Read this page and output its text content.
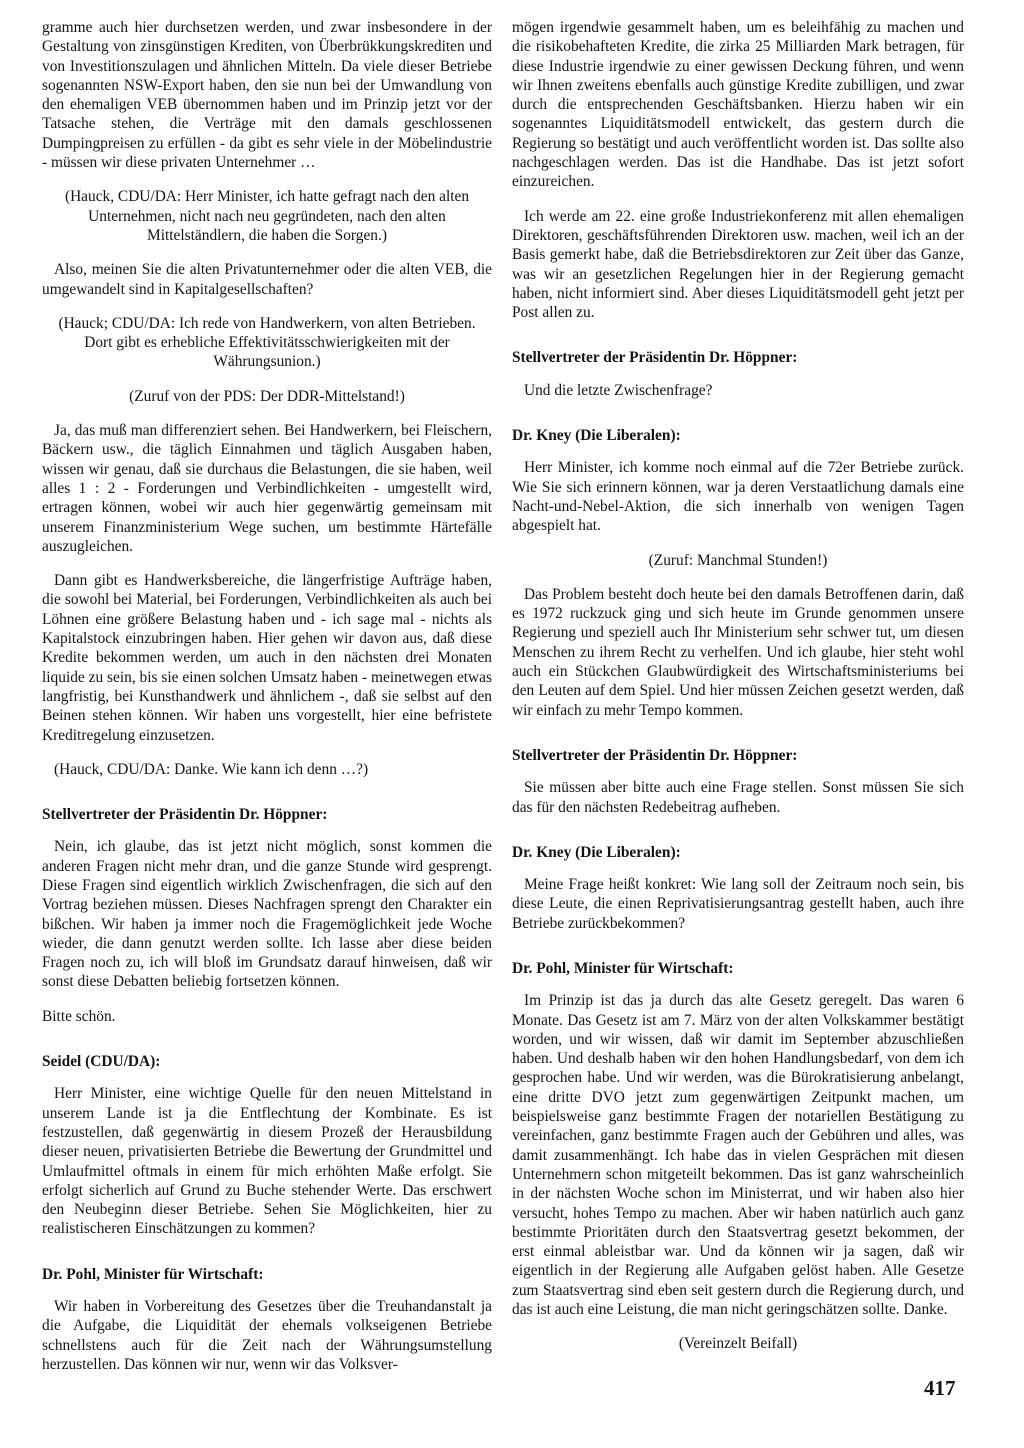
gramme auch hier durchsetzen werden, und zwar insbesondere in der Gestaltung von zinsgünstigen Krediten, von Überbrükkungskrediten und von Investitionszulagen und ähnlichen Mitteln. Da viele dieser Betriebe sogenannten NSW-Export haben, den sie nun bei der Umwandlung von den ehemaligen VEB übernommen haben und im Prinzip jetzt vor der Tatsache stehen, die Verträge mit den damals geschlossenen Dumpingpreisen zu erfüllen - da gibt es sehr viele in der Möbelindustrie - müssen wir diese privaten Unternehmer …
(Hauck, CDU/DA: Herr Minister, ich hatte gefragt nach den alten Unternehmen, nicht nach neu gegründeten, nach den alten Mittelständlern, die haben die Sorgen.)
Also, meinen Sie die alten Privatunternehmer oder die alten VEB, die umgewandelt sind in Kapitalgesellschaften?
(Hauck; CDU/DA: Ich rede von Handwerkern, von alten Betrieben. Dort gibt es erhebliche Effektivitätsschwierigkeiten mit der Währungsunion.)
(Zuruf von der PDS: Der DDR-Mittelstand!)
Ja, das muß man differenziert sehen. Bei Handwerkern, bei Fleischern, Bäckern usw., die täglich Einnahmen und täglich Ausgaben haben, wissen wir genau, daß sie durchaus die Belastungen, die sie haben, weil alles 1 : 2 - Forderungen und Verbindlichkeiten - umgestellt wird, ertragen können, wobei wir auch hier gegenwärtig gemeinsam mit unserem Finanzministerium Wege suchen, um bestimmte Härtefälle auszugleichen.
Dann gibt es Handwerksbereiche, die längerfristige Aufträge haben, die sowohl bei Material, bei Forderungen, Verbindlichkeiten als auch bei Löhnen eine größere Belastung haben und - ich sage mal - nichts als Kapitalstock einzubringen haben. Hier gehen wir davon aus, daß diese Kredite bekommen werden, um auch in den nächsten drei Monaten liquide zu sein, bis sie einen solchen Umsatz haben - meinetwegen etwas langfristig, bei Kunsthandwerk und ähnlichem -, daß sie selbst auf den Beinen stehen können. Wir haben uns vorgestellt, hier eine befristete Kreditregelung einzusetzen.
(Hauck, CDU/DA: Danke. Wie kann ich denn …?)
Stellvertreter der Präsidentin Dr. Höppner:
Nein, ich glaube, das ist jetzt nicht möglich, sonst kommen die anderen Fragen nicht mehr dran, und die ganze Stunde wird gesprengt. Diese Fragen sind eigentlich wirklich Zwischenfragen, die sich auf den Vortrag beziehen müssen. Dieses Nachfragen sprengt den Charakter ein bißchen. Wir haben ja immer noch die Fragemöglichkeit jede Woche wieder, die dann genutzt werden sollte. Ich lasse aber diese beiden Fragen noch zu, ich will bloß im Grundsatz darauf hinweisen, daß wir sonst diese Debatten beliebig fortsetzen können.
Bitte schön.
Seidel (CDU/DA):
Herr Minister, eine wichtige Quelle für den neuen Mittelstand in unserem Lande ist ja die Entflechtung der Kombinate. Es ist festzustellen, daß gegenwärtig in diesem Prozeß der Herausbildung dieser neuen, privatisierten Betriebe die Bewertung der Grundmittel und Umlaufmittel oftmals in einem für mich erhöhten Maße erfolgt. Sie erfolgt sicherlich auf Grund zu Buche stehender Werte. Das erschwert den Neubeginn dieser Betriebe. Sehen Sie Möglichkeiten, hier zu realistischeren Einschätzungen zu kommen?
Dr. Pohl, Minister für Wirtschaft:
Wir haben in Vorbereitung des Gesetzes über die Treuhandanstalt ja die Aufgabe, die Liquidität der ehemals volkseigenen Betriebe schnellstens auch für die Zeit nach der Währungsumstellung herzustellen. Das können wir nur, wenn wir das Volksver-
mögen irgendwie gesammelt haben, um es beleihfähig zu machen und die risikobehafteten Kredite, die zirka 25 Milliarden Mark betragen, für diese Industrie irgendwie zu einer gewissen Deckung führen, und wenn wir Ihnen zweitens ebenfalls auch günstige Kredite zubilligen, und zwar durch die entsprechenden Geschäftsbanken. Hierzu haben wir ein sogenanntes Liquiditätsmodell entwickelt, das gestern durch die Regierung so bestätigt und auch veröffentlicht worden ist. Das sollte also nachgeschlagen werden. Das ist die Handhabe. Das ist jetzt sofort einzureichen.
Ich werde am 22. eine große Industriekonferenz mit allen ehemaligen Direktoren, geschäftsführenden Direktoren usw. machen, weil ich an der Basis gemerkt habe, daß die Betriebsdirektoren zur Zeit über das Ganze, was wir an gesetzlichen Regelungen hier in der Regierung gemacht haben, nicht informiert sind. Aber dieses Liquiditätsmodell geht jetzt per Post allen zu.
Stellvertreter der Präsidentin Dr. Höppner:
Und die letzte Zwischenfrage?
Dr. Kney (Die Liberalen):
Herr Minister, ich komme noch einmal auf die 72er Betriebe zurück. Wie Sie sich erinnern können, war ja deren Verstaatlichung damals eine Nacht-und-Nebel-Aktion, die sich innerhalb von wenigen Tagen abgespielt hat.
(Zuruf: Manchmal Stunden!)
Das Problem besteht doch heute bei den damals Betroffenen darin, daß es 1972 ruckzuck ging und sich heute im Grunde genommen unsere Regierung und speziell auch Ihr Ministerium sehr schwer tut, um diesen Menschen zu ihrem Recht zu verhelfen. Und ich glaube, hier steht wohl auch ein Stückchen Glaubwürdigkeit des Wirtschaftsministeriums bei den Leuten auf dem Spiel. Und hier müssen Zeichen gesetzt werden, daß wir einfach zu mehr Tempo kommen.
Stellvertreter der Präsidentin Dr. Höppner:
Sie müssen aber bitte auch eine Frage stellen. Sonst müssen Sie sich das für den nächsten Redebeitrag aufheben.
Dr. Kney (Die Liberalen):
Meine Frage heißt konkret: Wie lang soll der Zeitraum noch sein, bis diese Leute, die einen Reprivatisierungsantrag gestellt haben, auch ihre Betriebe zurückbekommen?
Dr. Pohl, Minister für Wirtschaft:
Im Prinzip ist das ja durch das alte Gesetz geregelt. Das waren 6 Monate. Das Gesetz ist am 7. März von der alten Volkskammer bestätigt worden, und wir wissen, daß wir damit im September abzuschließen haben. Und deshalb haben wir den hohen Handlungsbedarf, von dem ich gesprochen habe. Und wir werden, was die Bürokratisierung anbelangt, eine dritte DVO jetzt zum gegenwärtigen Zeitpunkt machen, um beispielsweise ganz bestimmte Fragen der notariellen Bestätigung zu vereinfachen, ganz bestimmte Fragen auch der Gebühren und alles, was damit zusammenhängt. Ich habe das in vielen Gesprächen mit diesen Unternehmern schon mitgeteilt bekommen. Das ist ganz wahrscheinlich in der nächsten Woche schon im Ministerrat, und wir haben also hier versucht, hohes Tempo zu machen. Aber wir haben natürlich auch ganz bestimmte Prioritäten durch den Staatsvertrag gesetzt bekommen, der erst einmal ableistbar war. Und da können wir ja sagen, daß wir eigentlich in der Regierung alle Aufgaben gelöst haben. Alle Gesetze zum Staatsvertrag sind eben seit gestern durch die Regierung durch, und das ist auch eine Leistung, die man nicht geringschätzen sollte. Danke.
(Vereinzelt Beifall)
417
